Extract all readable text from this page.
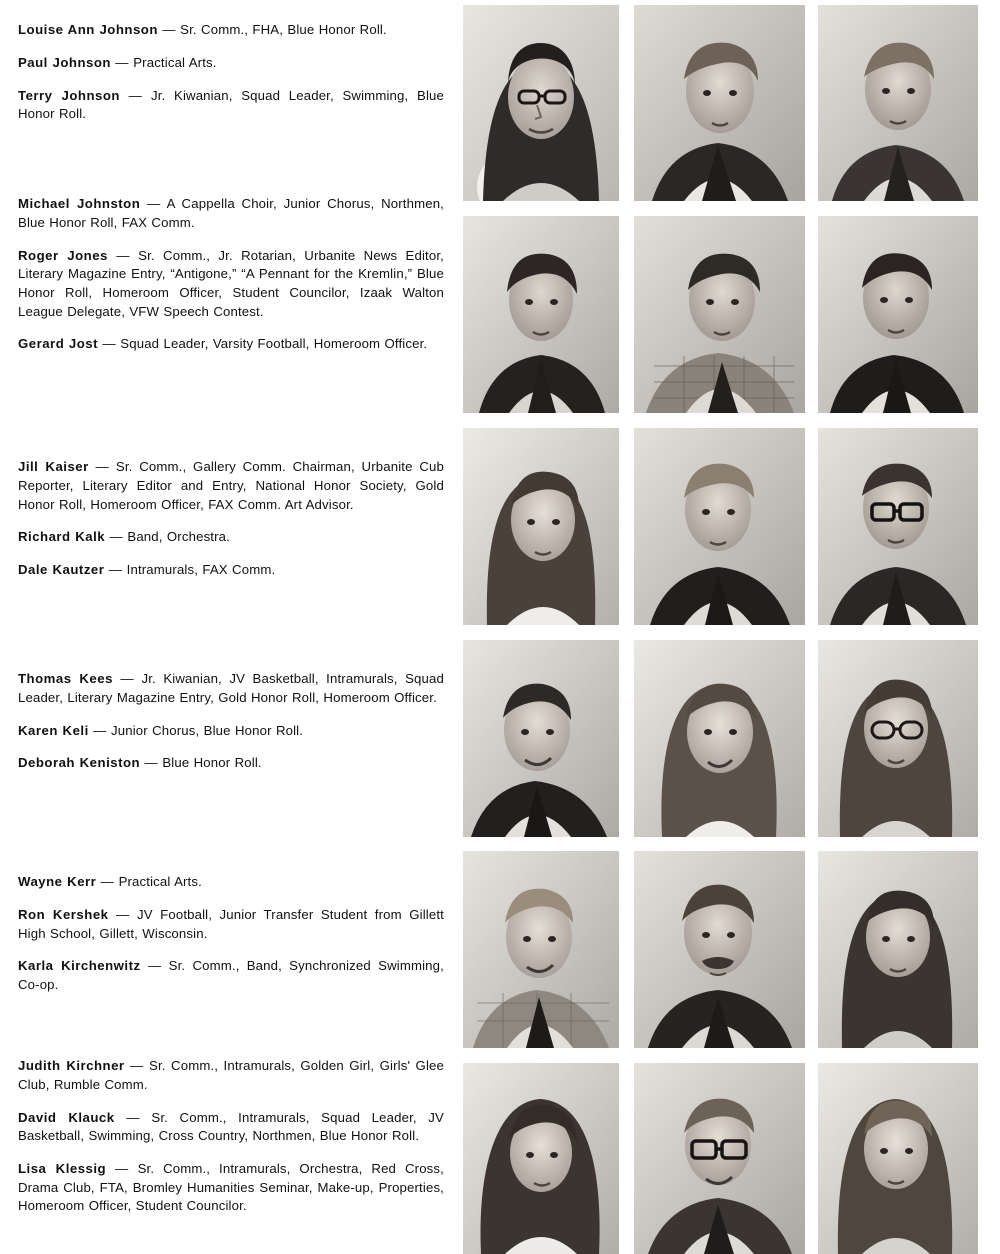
Louise Ann Johnson — Sr. Comm., FHA, Blue Honor Roll.

Paul Johnson — Practical Arts.

Terry Johnson — Jr. Kiwanian, Squad Leader, Swimming, Blue Honor Roll.

Michael Johnston — A Cappella Choir, Junior Chorus, Northmen, Blue Honor Roll, FAX Comm.

Roger Jones — Sr. Comm., Jr. Rotarian, Urbanite News Editor, Literary Magazine Entry, “Antigone,” “A Pennant for the Kremlin,” Blue Honor Roll, Homeroom Officer, Student Councilor, Izaak Walton League Delegate, VFW Speech Contest.

Gerard Jost — Squad Leader, Varsity Football, Homeroom Officer.

Jill Kaiser — Sr. Comm., Gallery Comm. Chairman, Urbanite Cub Reporter, Literary Editor and Entry, National Honor Society, Gold Honor Roll, Homeroom Officer, FAX Comm. Art Advisor.

Richard Kalk — Band, Orchestra.

Dale Kautzer — Intramurals, FAX Comm.

Thomas Kees — Jr. Kiwanian, JV Basketball, Intramurals, Squad Leader, Literary Magazine Entry, Gold Honor Roll, Homeroom Officer.

Karen Keli — Junior Chorus, Blue Honor Roll.

Deborah Keniston — Blue Honor Roll.

Wayne Kerr — Practical Arts.

Ron Kershek — JV Football, Junior Transfer Student from Gillett High School, Gillett, Wisconsin.

Karla Kirchenwitz — Sr. Comm., Band, Synchronized Swimming, Co-op.

Judith Kirchner — Sr. Comm., Intramurals, Golden Girl, Girls' Glee Club, Rumble Comm.

David Klauck — Sr. Comm., Intramurals, Squad Leader, JV Basketball, Swimming, Cross Country, Northmen, Blue Honor Roll.

Lisa Klessig — Sr. Comm., Intramurals, Orchestra, Red Cross, Drama Club, FTA, Bromley Humanities Seminar, Make-up, Properties, Homeroom Officer, Student Councilor.
